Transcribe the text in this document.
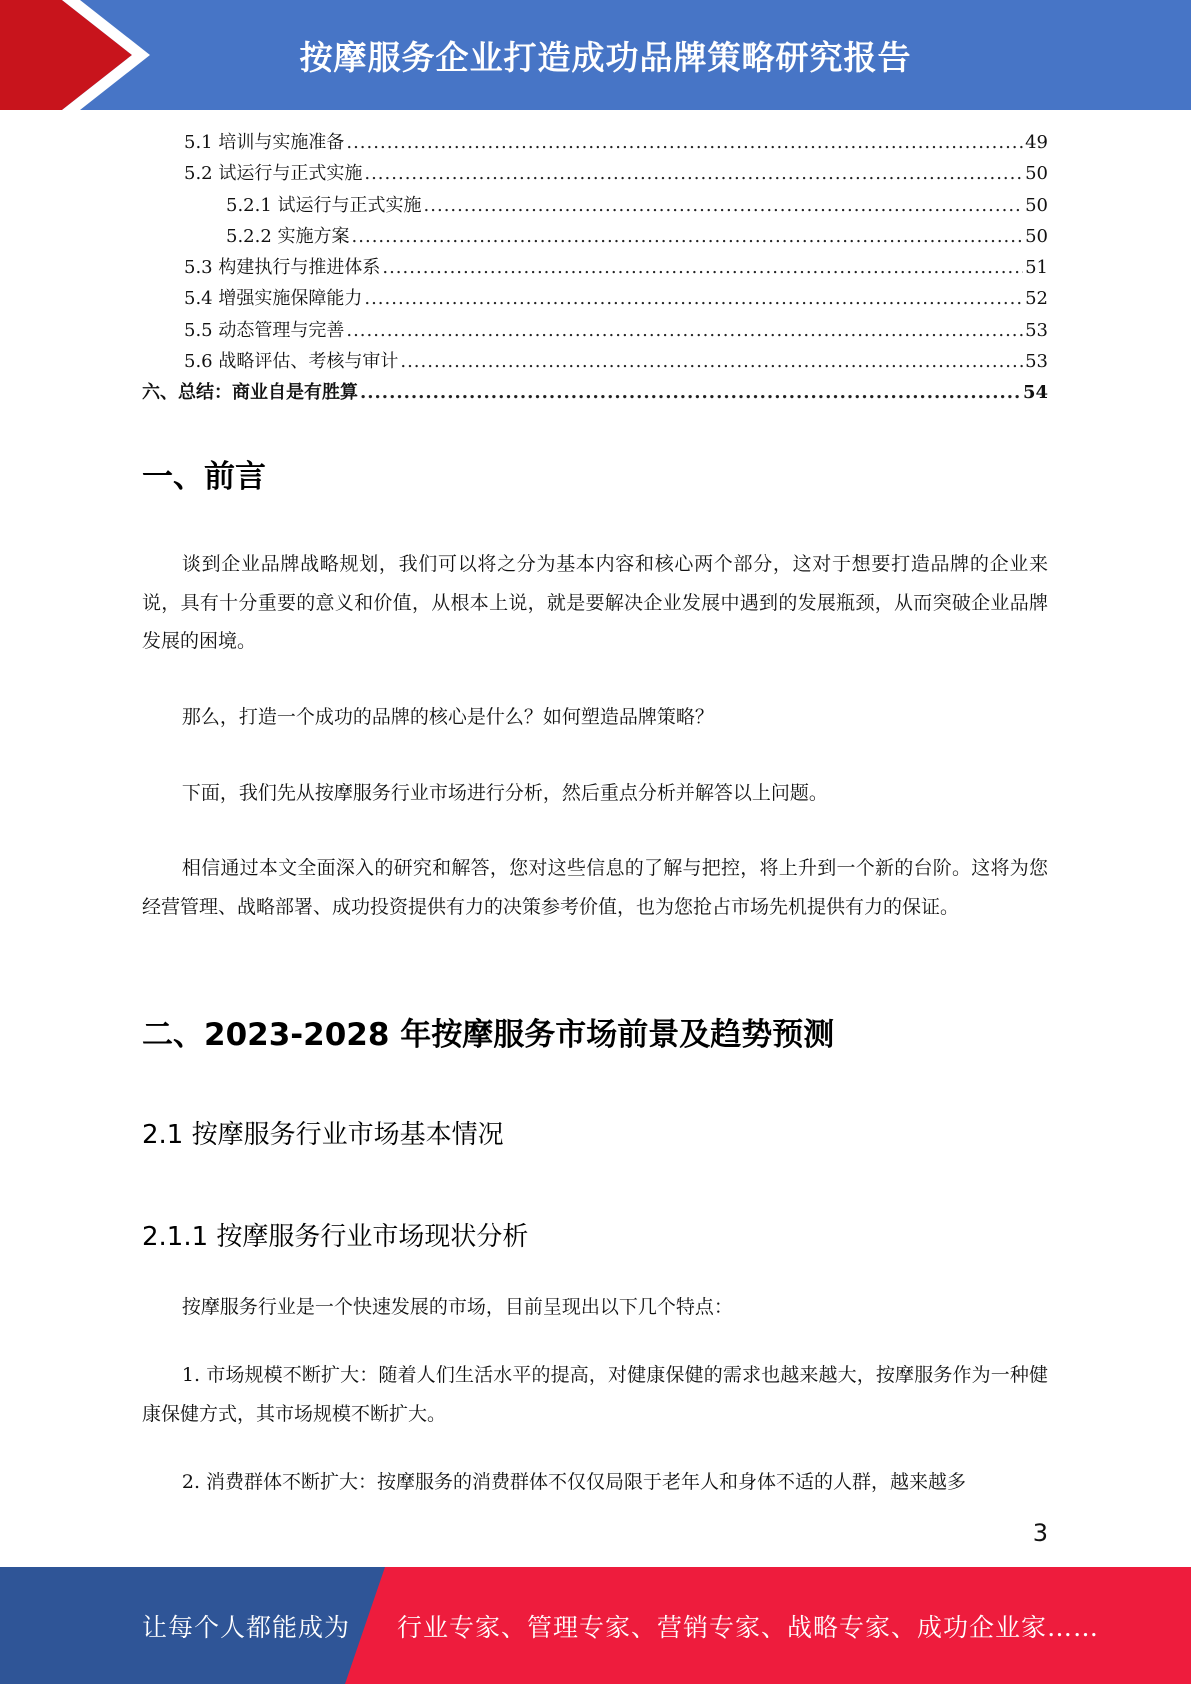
按摩服务企业打造成功品牌策略研究报告
5.1 培训与实施准备 .....	49
5.2 试运行与正式实施 .....	50
5.2.1 试运行与正式实施 .....	50
5.2.2 实施方案 .....	50
5.3 构建执行与推进体系 .....	51
5.4 增强实施保障能力 .....	52
5.5 动态管理与完善 .....	53
5.6 战略评估、考核与审计 .....	53
六、总结：商业自是有胜算 .....	54
一、前言

谈到企业品牌战略规划，我们可以将之分为基本内容和核心两个部分，这对于想要打造品牌的企业来说，具有十分重要的意义和价值，从根本上说，就是要解决企业发展中遇到的发展瓶颈，从而突破企业品牌发展的困境。

那么，打造一个成功的品牌的核心是什么？如何塑造品牌策略？

下面，我们先从按摩服务行业市场进行分析，然后重点分析并解答以上问题。

相信通过本文全面深入的研究和解答，您对这些信息的了解与把控，将上升到一个新的台阶。这将为您经营管理、战略部署、成功投资提供有力的决策参考价值，也为您抢占市场先机提供有力的保证。

二、2023-2028 年按摩服务市场前景及趋势预测
2.1 按摩服务行业市场基本情况
2.1.1 按摩服务行业市场现状分析

按摩服务行业是一个快速发展的市场，目前呈现出以下几个特点：

1. 市场规模不断扩大：随着人们生活水平的提高，对健康保健的需求也越来越大，按摩服务作为一种健康保健方式，其市场规模不断扩大。

2. 消费群体不断扩大：按摩服务的消费群体不仅仅局限于老年人和身体不适的人群，越来越多

3
让每个人都能成为 行业专家、管理专家、营销专家、战略专家、成功企业家……
